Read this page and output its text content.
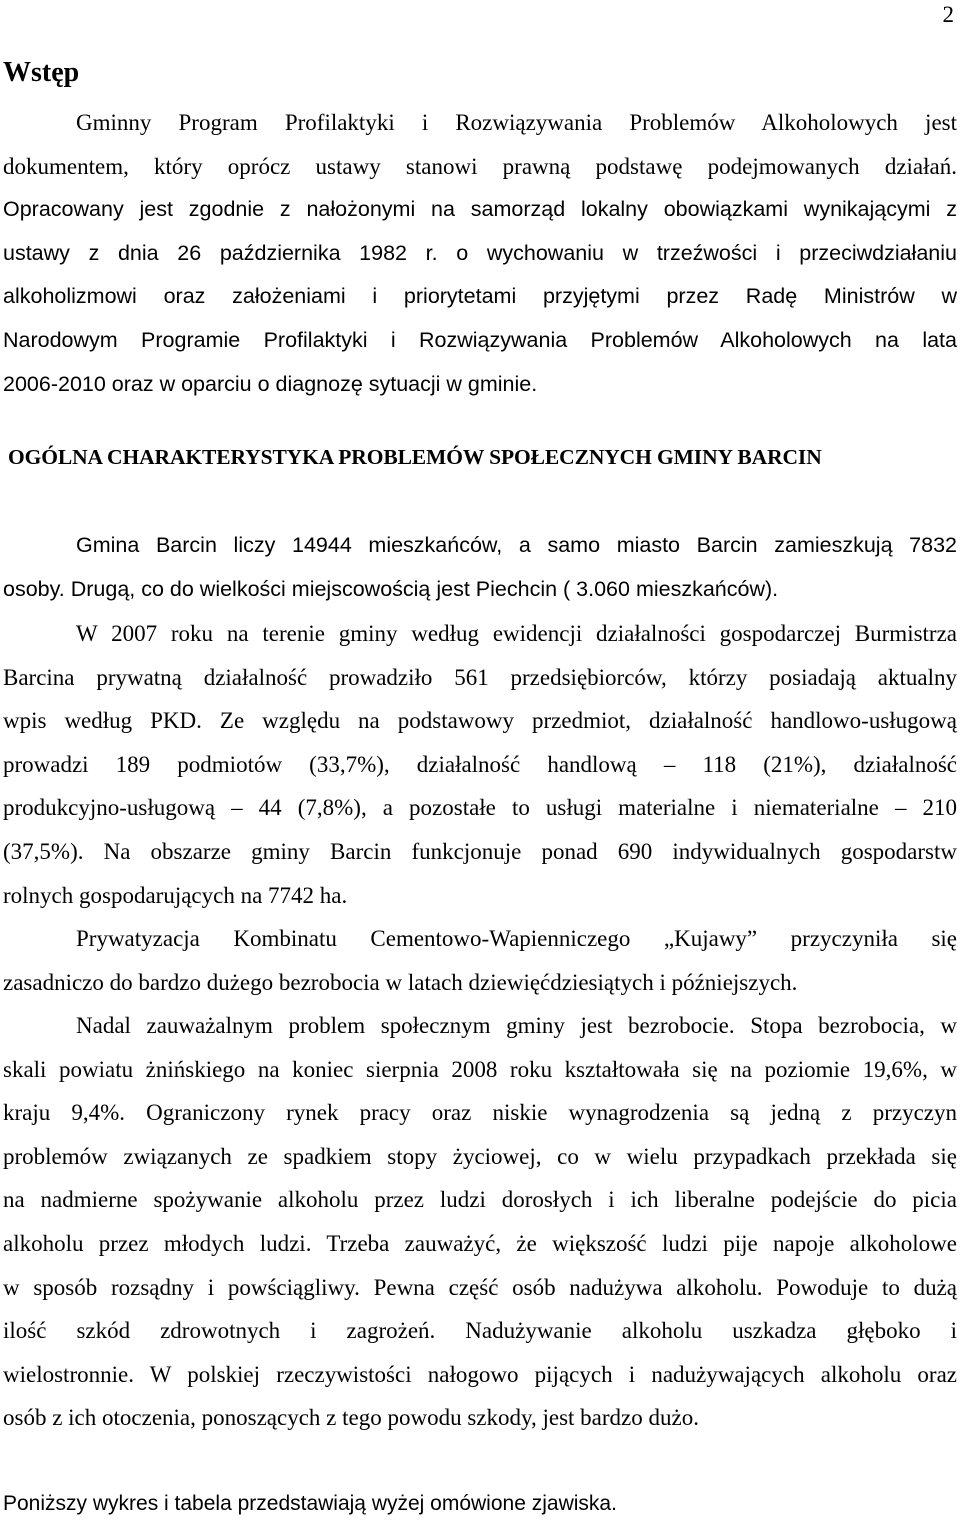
2
Wstęp
Gminny Program Profilaktyki i Rozwiązywania Problemów Alkoholowych jest
dokumentem, który oprócz ustawy stanowi prawną podstawę podejmowanych działań.
Opracowany jest zgodnie z nałożonymi na samorząd lokalny obowiązkami wynikającymi z
ustawy z dnia 26 października 1982 r. o wychowaniu w trzeźwości i przeciwdziałaniu
alkoholizmowi oraz założeniami i priorytetami przyjętymi przez Radę Ministrów w
Narodowym Programie Profilaktyki i Rozwiązywania Problemów Alkoholowych na lata
2006-2010 oraz w oparciu o diagnozę sytuacji w gminie.
OGÓLNA CHARAKTERYSTYKA PROBLEMÓW SPOŁECZNYCH GMINY BARCIN
Gmina Barcin liczy 14944 mieszkańców, a samo miasto Barcin zamieszkują 7832
osoby. Drugą, co do wielkości miejscowością jest Piechcin ( 3.060 mieszkańców).
W 2007 roku na terenie gminy według ewidencji działalności gospodarczej Burmistrza
Barcina prywatną działalność prowadziło 561 przedsiębiorców, którzy posiadają aktualny
wpis według PKD. Ze względu na podstawowy przedmiot, działalność handlowo-usługową
prowadzi 189 podmiotów (33,7%), działalność handlową – 118 (21%), działalność
produkcyjno-usługową – 44 (7,8%), a pozostałe to usługi materialne i niematerialne – 210
(37,5%). Na obszarze gminy Barcin funkcjonuje ponad 690 indywidualnych gospodarstw
rolnych gospodarujących na 7742 ha.
Prywatyzacja Kombinatu Cementowo-Wapienniczego „Kujawy” przyczyniła się
zasadniczo do bardzo dużego bezrobocia w latach dziewięćdziesiątych i późniejszych.
Nadal zauważalnym problem społecznym gminy jest bezrobocie. Stopa bezrobocia, w
skali powiatu żnińskiego na koniec sierpnia 2008 roku kształtowała się na poziomie 19,6%, w
kraju 9,4%. Ograniczony rynek pracy oraz niskie wynagrodzenia są jedną z przyczyn
problemów związanych ze spadkiem stopy życiowej, co w wielu przypadkach przekłada się
na nadmierne spożywanie alkoholu przez ludzi dorosłych i ich liberalne podejście do picia
alkoholu przez młodych ludzi. Trzeba zauważyć, że większość ludzi pije napoje alkoholowe
w sposób rozsądny i powściągliwy. Pewna część osób nadużywa alkoholu. Powoduje to dużą
ilość szkód zdrowotnych i zagrożeń. Nadużywanie alkoholu uszkadza głęboko i
wielostronnie. W polskiej rzeczywistości nałogowo pijących i nadużywających alkoholu oraz
osób z ich otoczenia, ponoszących z tego powodu szkody, jest bardzo dużo.
Poniższy wykres i tabela przedstawiają wyżej omówione zjawiska.
